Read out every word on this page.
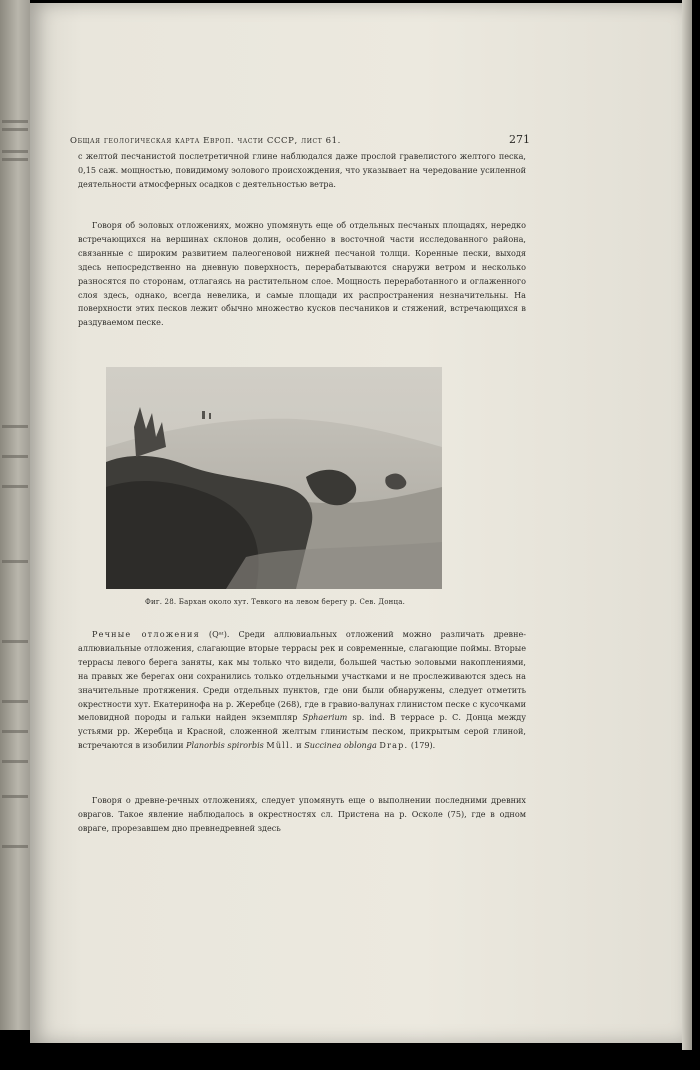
Общая геологическая карта Европ. части СССР, лист 61.	271

с желтой песчанистой послетретичной глине наблюдался даже прослой гравелистого желтого песка, 0,15 саж. мощностью, повидимому эолового происхождения, что указывает на чередование усиленной деятельности атмосферных осадков с деятельностью ветра.

Говоря об эоловых отложениях, можно упомянуть еще об отдельных песчаных площадях, нередко встречающихся на вершинах склонов долин, особенно в восточной части исследованного района, связанные с широким развитием палеогеновой нижней песчаной толщи. Коренные пески, выходя здесь непосредственно на дневную поверхность, перерабатываются снаружи ветром и несколько разносятся по сторонам, отлагаясь на растительном слое. Мощность переработанного и оглаженного слоя здесь, однако, всегда невелика, и самые площади их распространения незначительны. На поверхности этих песков лежит обычно множество кусков песчаников и стяжений, встречающихся в раздуваемом песке.

Фиг. 28. Бархан около хут. Тевкого на левом берегу р. Сев. Донца.

Речные отложения (Qᵃᶦ). Среди аллювиальных отложений можно различать древне-аллювиальные отложения, слагающие вторые террасы рек и современные, слагающие поймы. Вторые террасы левого берега заняты, как мы только что видели, большей частью эоловыми накоплениями, на правых же берегах они сохранились только отдельными участками и не прослеживаются здесь на значительные протяжения. Среди отдельных пунктов, где они были обнаружены, следует отметить окрестности хут. Екатеринофа на р. Жеребце (268), где в гравио-валунах глинистом песке с кусочками меловидной породы и гальки найден экземпляр Sphaerium sp. ind. В террасе р. С. Донца между устьями рр. Жеребца и Красной, сложенной желтым глинистым песком, прикрытым серой глиной, встречаются в изобилии Planorbis spirorbis Müll. и Succinea oblonga Drap. (179).

Говоря о древне-речных отложениях, следует упомянуть еще о выполнении последними древних оврагов. Такое явление наблюдалось в окрестностях сл. Пристена на р. Осколе (75), где в одном овраге, прорезавшем дно превнедревней здесь
